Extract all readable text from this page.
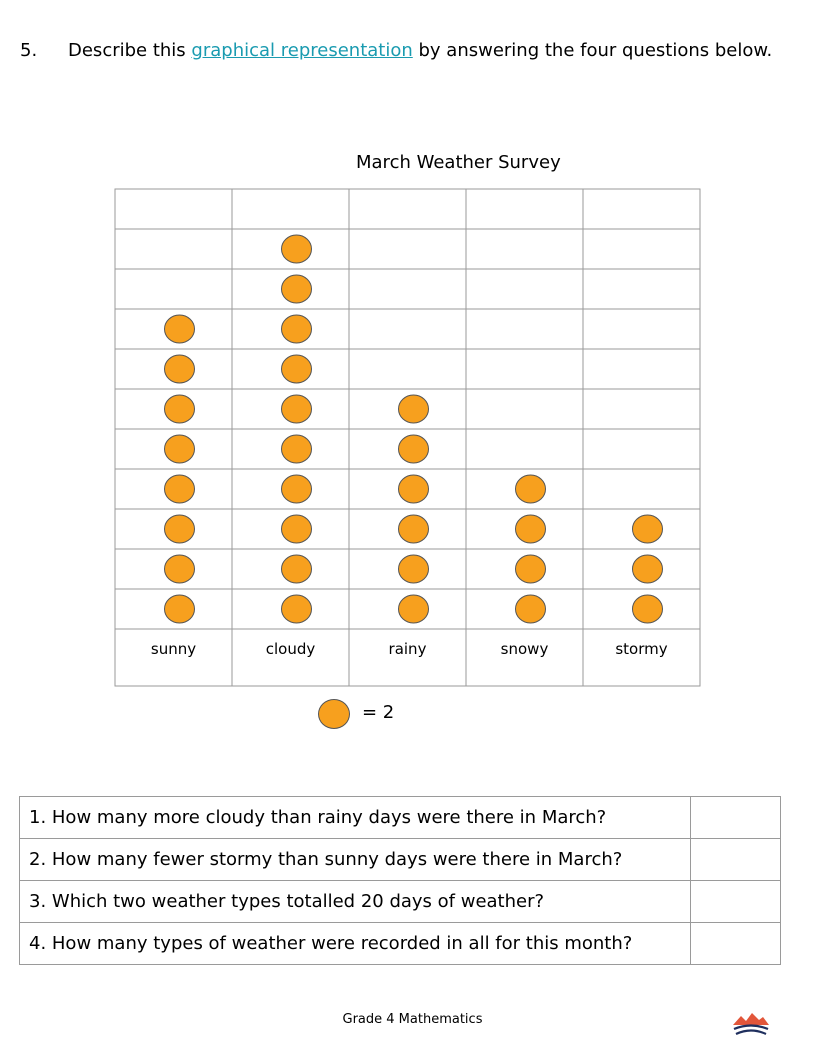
5. Describe this graphical representation by answering the four questions below.
March Weather Survey
sunny	cloudy	rainy	snowy	stormy
= 2
1. How many more cloudy than rainy days were there in March?	
2. How many fewer stormy than sunny days were there in March?	
3. Which two weather types totalled 20 days of weather?	
4. How many types of weather were recorded in all for this month?	
Grade 4 Mathematics
